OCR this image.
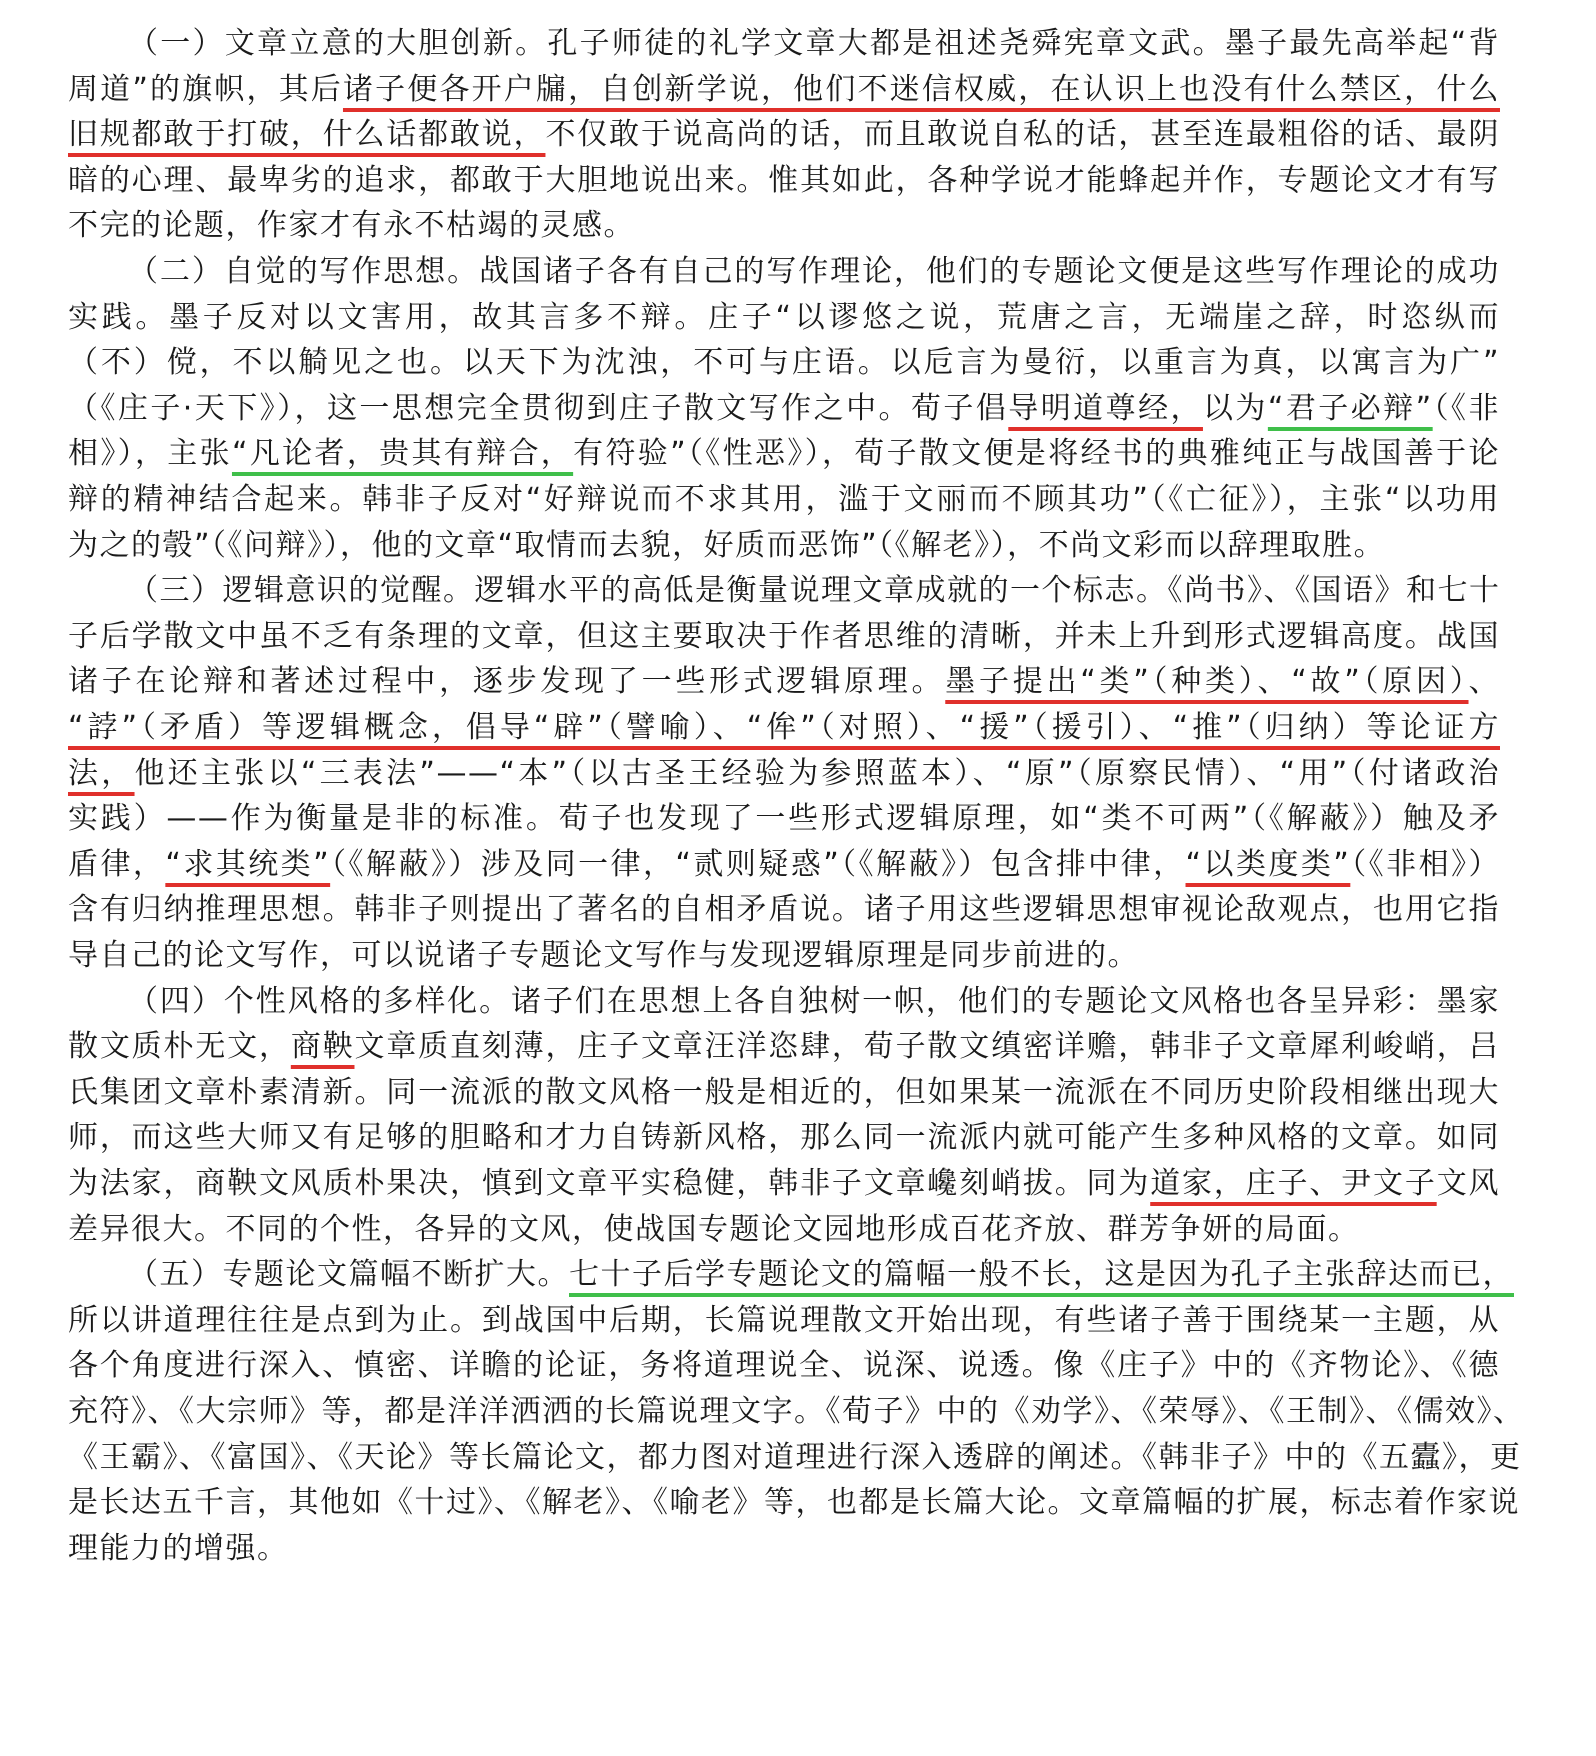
（一）文章立意的大胆创新。孔子师徒的礼学文章大都是祖述尧舜宪章文武。墨子最先高举起“背
周道”的旗帜，其后诸子便各开户牖，自创新学说，他们不迷信权威，在认识上也没有什么禁区，什么
旧规都敢于打破，什么话都敢说，不仅敢于说高尚的话，而且敢说自私的话，甚至连最粗俗的话、最阴
暗的心理、最卑劣的追求，都敢于大胆地说出来。惟其如此，各种学说才能蜂起并作，专题论文才有写
不完的论题，作家才有永不枯竭的灵感。
（二）自觉的写作思想。战国诸子各有自己的写作理论，他们的专题论文便是这些写作理论的成功
实践。墨子反对以文害用，故其言多不辩。庄子“以谬悠之说，荒唐之言，无端崖之辞，时恣纵而
（不）傥，不以觭见之也。以天下为沈浊，不可与庄语。以卮言为曼衍，以重言为真，以寓言为广”
（《庄子·天下》），这一思想完全贯彻到庄子散文写作之中。荀子倡导明道尊经，以为“君子必辩”（《非
相》），主张“凡论者，贵其有辩合，有符验”（《性恶》），荀子散文便是将经书的典雅纯正与战国善于论
辩的精神结合起来。韩非子反对“好辩说而不求其用，滥于文丽而不顾其功”（《亡征》），主张“以功用
为之的彀”（《问辩》），他的文章“取情而去貌，好质而恶饰”（《解老》），不尚文彩而以辞理取胜。
（三）逻辑意识的觉醒。逻辑水平的高低是衡量说理文章成就的一个标志。《尚书》、《国语》和七十
子后学散文中虽不乏有条理的文章，但这主要取决于作者思维的清晰，并未上升到形式逻辑高度。战国
诸子在论辩和著述过程中，逐步发现了一些形式逻辑原理。墨子提出“类”（种类）、“故”（原因）、
“誖”（矛盾）等逻辑概念，倡导“辟”（譬喻）、“侔”（对照）、“援”（援引）、“推”（归纳）等论证方
法，他还主张以“三表法”——“本”（以古圣王经验为参照蓝本）、“原”（原察民情）、“用”（付诸政治
实践）——作为衡量是非的标准。荀子也发现了一些形式逻辑原理，如“类不可两”（《解蔽》）触及矛
盾律，“求其统类”（《解蔽》）涉及同一律，“贰则疑惑”（《解蔽》）包含排中律，“以类度类”（《非相》）
含有归纳推理思想。韩非子则提出了著名的自相矛盾说。诸子用这些逻辑思想审视论敌观点，也用它指
导自己的论文写作，可以说诸子专题论文写作与发现逻辑原理是同步前进的。
（四）个性风格的多样化。诸子们在思想上各自独树一帜，他们的专题论文风格也各呈异彩：墨家
散文质朴无文，商鞅文章质直刻薄，庄子文章汪洋恣肆，荀子散文缜密详赡，韩非子文章犀利峻峭，吕
氏集团文章朴素清新。同一流派的散文风格一般是相近的，但如果某一流派在不同历史阶段相继出现大
师，而这些大师又有足够的胆略和才力自铸新风格，那么同一流派内就可能产生多种风格的文章。如同
为法家，商鞅文风质朴果决，慎到文章平实稳健，韩非子文章巉刻峭拔。同为道家，庄子、尹文子文风
差异很大。不同的个性，各异的文风，使战国专题论文园地形成百花齐放、群芳争妍的局面。
（五）专题论文篇幅不断扩大。七十子后学专题论文的篇幅一般不长，这是因为孔子主张辞达而已，
所以讲道理往往是点到为止。到战国中后期，长篇说理散文开始出现，有些诸子善于围绕某一主题，从
各个角度进行深入、慎密、详瞻的论证，务将道理说全、说深、说透。像《庄子》中的《齐物论》、《德
充符》、《大宗师》等，都是洋洋洒洒的长篇说理文字。《荀子》中的《劝学》、《荣辱》、《王制》、《儒效》、
《王霸》、《富国》、《天论》等长篇论文，都力图对道理进行深入透辟的阐述。《韩非子》中的《五蠹》，更
是长达五千言，其他如《十过》、《解老》、《喻老》等，也都是长篇大论。文章篇幅的扩展，标志着作家说
理能力的增强。
